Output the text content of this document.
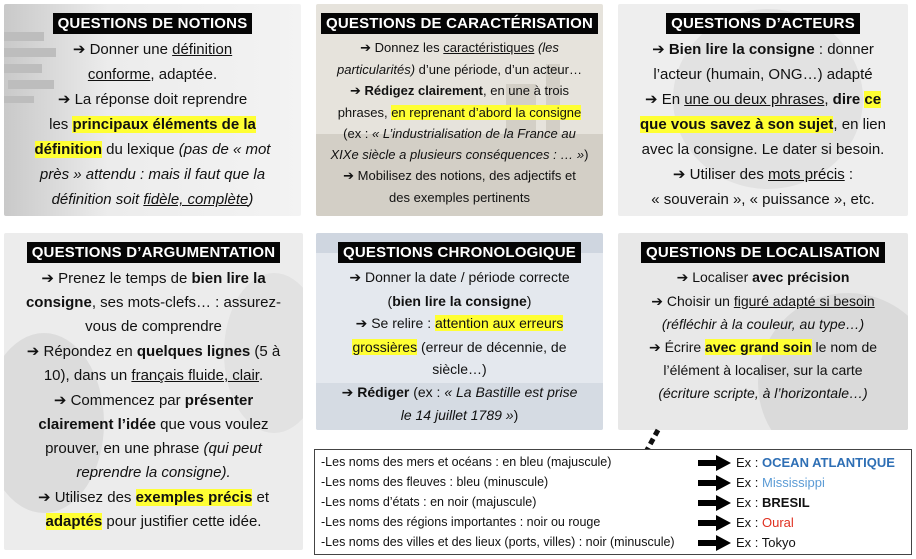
QUESTIONS DE NOTIONS
➔ Donner une définition
conforme, adaptée.
➔ La réponse doit reprendre
les principaux éléments de la
définition du lexique (pas de « mot
près » attendu : mais il faut que la
définition soit fidèle, complète)
QUESTIONS DE CARACTÉRISATION
➔ Donnez les caractéristiques (les
particularités) d’une période, d’un acteur…
➔ Rédigez clairement, en une à trois
phrases, en reprenant d’abord la consigne
(ex : « L’industrialisation de la France au
XIXe siècle a plusieurs conséquences : … »)
➔ Mobilisez des notions, des adjectifs et
des exemples pertinents
QUESTIONS D’ACTEURS
➔ Bien lire la consigne : donner
l’acteur (humain, ONG…) adapté
➔ En une ou deux phrases, dire ce
que vous savez à son sujet, en lien
avec la consigne. Le dater si besoin.
➔ Utiliser des mots précis :
« souverain », « puissance », etc.
QUESTIONS D’ARGUMENTATION
➔ Prenez le temps de bien lire la
consigne, ses mots-clefs… : assurez-
vous de comprendre
➔ Répondez en quelques lignes (5 à
10), dans un français fluide, clair.
➔ Commencez par présenter
clairement l’idée que vous voulez
prouver, en une phrase (qui peut
reprendre la consigne).
➔ Utilisez des exemples précis et
adaptés pour justifier cette idée.
QUESTIONS CHRONOLOGIQUE
➔ Donner la date / période correcte
(bien lire la consigne)
➔ Se relire : attention aux erreurs
grossières (erreur de décennie, de
siècle…)
➔ Rédiger (ex : « La Bastille est prise
le 14 juillet 1789 »)
QUESTIONS DE LOCALISATION
➔ Localiser avec précision
➔ Choisir un figuré adapté si besoin
(réfléchir à la couleur, au type…)
➔ Écrire avec grand soin le nom de
l’élément à localiser, sur la carte
(écriture scripte, à l’horizontale…)
-Les noms des mers et océans : en bleu (majuscule)	Ex : OCEAN ATLANTIQUE
-Les noms des fleuves : bleu (minuscule)	Ex : Mississippi
-Les noms d’états : en noir (majuscule)	Ex : BRESIL
-Les noms des régions importantes : noir ou rouge	Ex : Oural
-Les noms des villes et des lieux (ports, villes) : noir (minuscule)	Ex : Tokyo
